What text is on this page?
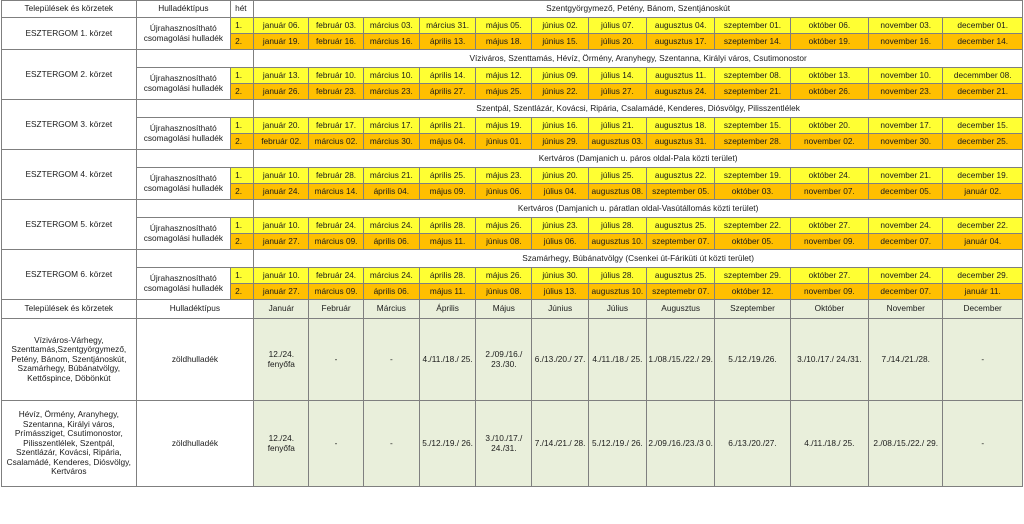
Települések és körzetek	Hulladéktípus	hét	Szentgyörgymező, Petény, Bánom, Szentjánoskút											
ESZTERGOM 1. körzet	Újrahasznosítható csomagolási hulladék	1.	január 06.	február 03.	március 03.	március 31.	május 05.	június 02.	július 07.	augusztus 04.	szeptember 01.	október 06.	november 03.	december 01.
		2.	január 19.	február 16.	március 16.	április 13.	május 18.	június 15.	július 20.	augusztus 17.	szeptember 14.	október 19.	november 16.	december 14.
ESZTERGOM 2. körzet			Víziváros, Szenttamás, Hévíz, Örmény, Aranyhegy, Szentanna, Királyi város, Csutimonostor											
	Újrahasznosítható csomagolási hulladék	1.	január 13.	február 10.	március 10.	április 14.	május 12.	június 09.	július 14.	augusztus 11.	szeptember 08.	október 13.	november 10.	decemmber 08.
		2.	január 26.	február 23.	március 23.	április 27.	május 25.	június 22.	július 27.	augusztus 24.	szeptember 21.	október 26.	november 23.	december 21.
ESZTERGOM 3. körzet			Szentpál, Szentlázár, Kovácsi, Ripária, Csalamádé, Kenderes, Diósvölgy, Pilisszentlélek											
	Újrahasznosítható csomagolási hulladék	1.	január 20.	február 17.	március 17.	április 21.	május 19.	június 16.	július 21.	augusztus 18.	szeptember 15.	október 20.	november 17.	december 15.
		2.	február 02.	március 02.	március 30.	május 04.	június 01.	június 29.	augusztus 03.	augusztus 31.	szeptember 28.	november 02.	november 30.	december 25.
ESZTERGOM 4. körzet			Kertváros (Damjanich u. páros oldal-Pala közti terület)											
	Újrahasznosítható csomagolási hulladék	1.	január 10.	február 28.	március 21.	április 25.	május 23.	június 20.	július 25.	augusztus 22.	szeptember 19.	október 24.	november 21.	december 19.
		2.	január 24.	március 14.	április 04.	május 09.	június 06.	július 04.	augusztus 08.	szeptember 05.	október 03.	november 07.	december 05.	január 02.
ESZTERGOM 5. körzet			Kertváros (Damjanich u. páratlan oldal-Vasútállomás közti terület)											
	Újrahasznosítható csomagolási hulladék	1.	január 10.	február 24.	március 24.	április 28.	május 26.	június 23.	július 28.	augusztus 25.	szeptember 22.	október 27.	november 24.	december 22.
		2.	január 27.	március 09.	április 06.	május 11.	június 08.	július 06.	augusztus 10.	szeptember 07.	október 05.	november 09.	december 07.	január 04.
ESZTERGOM 6. körzet			Szamárhegy, Búbánatvölgy (Csenkei út-Fáriküti út közti terület)											
	Újrahasznosítható csomagolási hulladék	1.	január 10.	február 24.	március 24.	április 28.	május 26.	június 30.	július 28.	augusztus 25.	szeptember 29.	október 27.	november 24.	december 29.
		2.	január 27.	március 09.	április 06.	május 11.	június 08.	július 13.	augusztus 10.	szeptemebr 07.	október 12.	november 09.	december 07.	január 11.
Települések és körzetek	Hulladéktípus		Január	Február	Március	Április	Május	Június	Július	Augusztus	Szeptember	Október	November	December
Víziváros-Várhegy, Szenttamás,Szentgyörgymező, Petény, Bánom, Szentjánoskút, Szamárhegy, Búbánatvölgy, Kettőspince, Döbönkút	zöldhulladék		12./24. fenyőfa	-	-	4./11./18./ 25.	2./09./16./ 23./30.	6./13./20./ 27.	4./11./18./ 25.	1./08./15./22./ 29.	5./12./19./26.	3./10./17./ 24./31.	7./14./21./28.	-
Hévíz, Örmény, Aranyhegy, Szentanna, Királyi város, Prímássziget, Csutimonostor, Pilisszentlélek, Szentpál, Szentlázár, Kovácsi, Ripária, Csalamádé, Kenderes, Diósvölgy, Kertváros	zöldhulladék		12./24. fenyőfa	-	-	5./12./19./ 26.	3./10./17./ 24./31.	7./14./21./ 28.	5./12./19./ 26.	2./09./16./23./3 0.	6./13./20./27.	4./11./18./ 25.	2./08./15./22./ 29.	-
